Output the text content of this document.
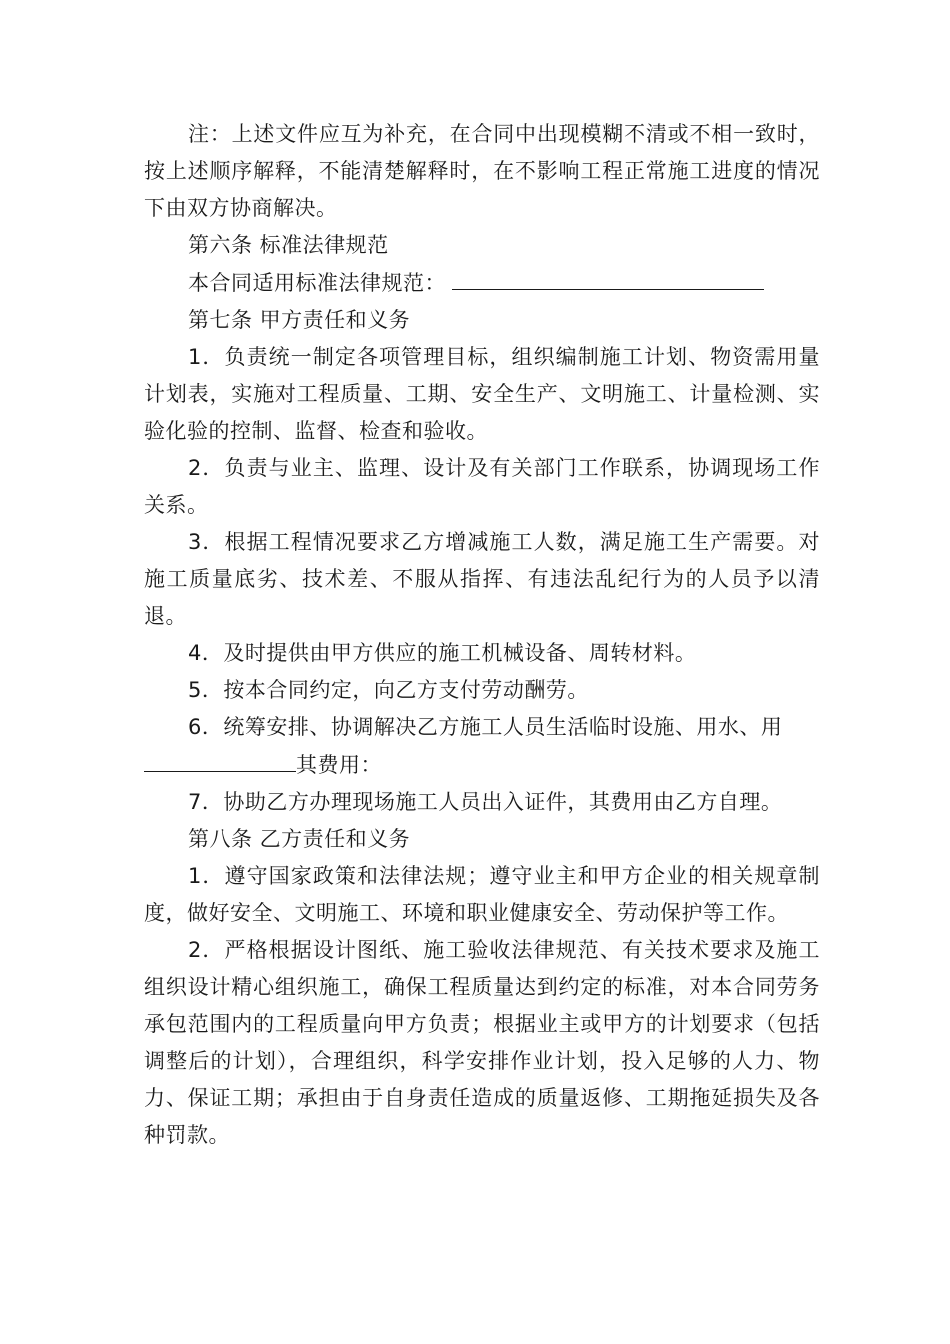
注：上述文件应互为补充，在合同中出现模糊不清或不相一致时，按上述顺序解释，不能清楚解释时，在不影响工程正常施工进度的情况下由双方协商解决。

第六条 标准法律规范

本合同适用标准法律规范：

第七条 甲方责任和义务

1．负责统一制定各项管理目标，组织编制施工计划、物资需用量计划表，实施对工程质量、工期、安全生产、文明施工、计量检测、实验化验的控制、监督、检查和验收。

2．负责与业主、监理、设计及有关部门工作联系，协调现场工作关系。

3．根据工程情况要求乙方增减施工人数，满足施工生产需要。对施工质量底劣、技术差、不服从指挥、有违法乱纪行为的人员予以清退。

4．及时提供由甲方供应的施工机械设备、周转材料。

5．按本合同约定，向乙方支付劳动酬劳。

6．统筹安排、协调解决乙方施工人员生活临时设施、用水、用

其费用：

7．协助乙方办理现场施工人员出入证件，其费用由乙方自理。

第八条 乙方责任和义务

1．遵守国家政策和法律法规；遵守业主和甲方企业的相关规章制度，做好安全、文明施工、环境和职业健康安全、劳动保护等工作。

2．严格根据设计图纸、施工验收法律规范、有关技术要求及施工组织设计精心组织施工，确保工程质量达到约定的标准，对本合同劳务承包范围内的工程质量向甲方负责；根据业主或甲方的计划要求（包括调整后的计划），合理组织，科学安排作业计划，投入足够的人力、物力、保证工期；承担由于自身责任造成的质量返修、工期拖延损失及各种罚款。
